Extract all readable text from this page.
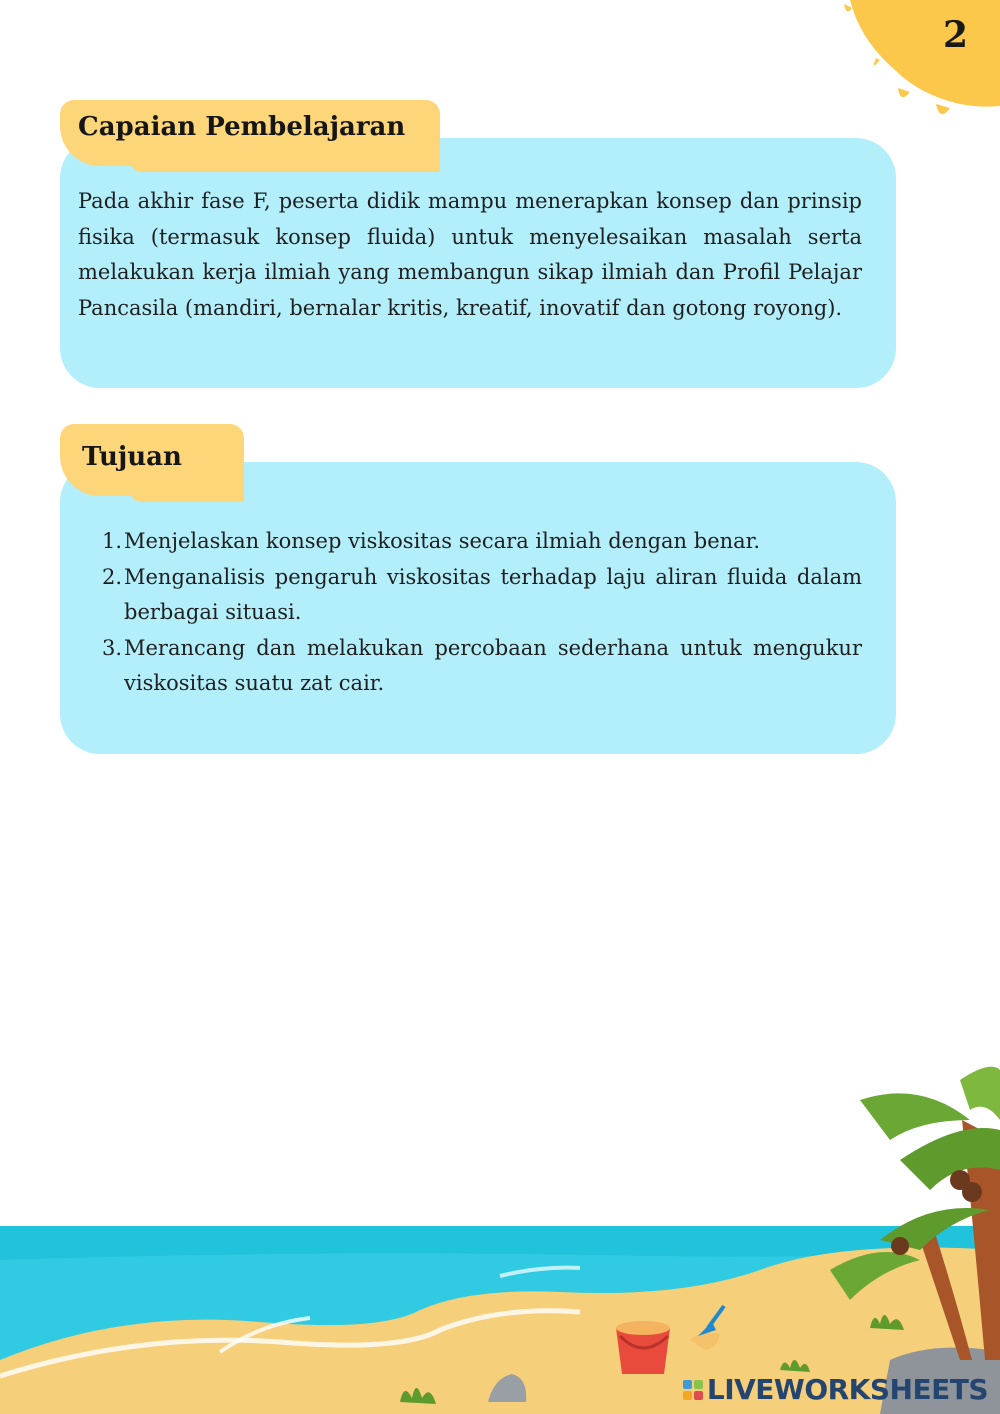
2
Capaian Pembelajaran

Pada akhir fase F, peserta didik mampu menerapkan konsep dan prinsip fisika (termasuk konsep fluida) untuk menyelesaikan masalah serta melakukan kerja ilmiah yang membangun sikap ilmiah dan Profil Pelajar Pancasila (mandiri, bernalar kritis, kreatif, inovatif dan gotong royong).

Tujuan
1. Menjelaskan konsep viskositas secara ilmiah dengan benar.
2. Menganalisis pengaruh viskositas terhadap laju aliran fluida dalam berbagai situasi.
3. Merancang dan melakukan percobaan sederhana untuk mengukur viskositas suatu zat cair.
LIVEWORKSHEETS
